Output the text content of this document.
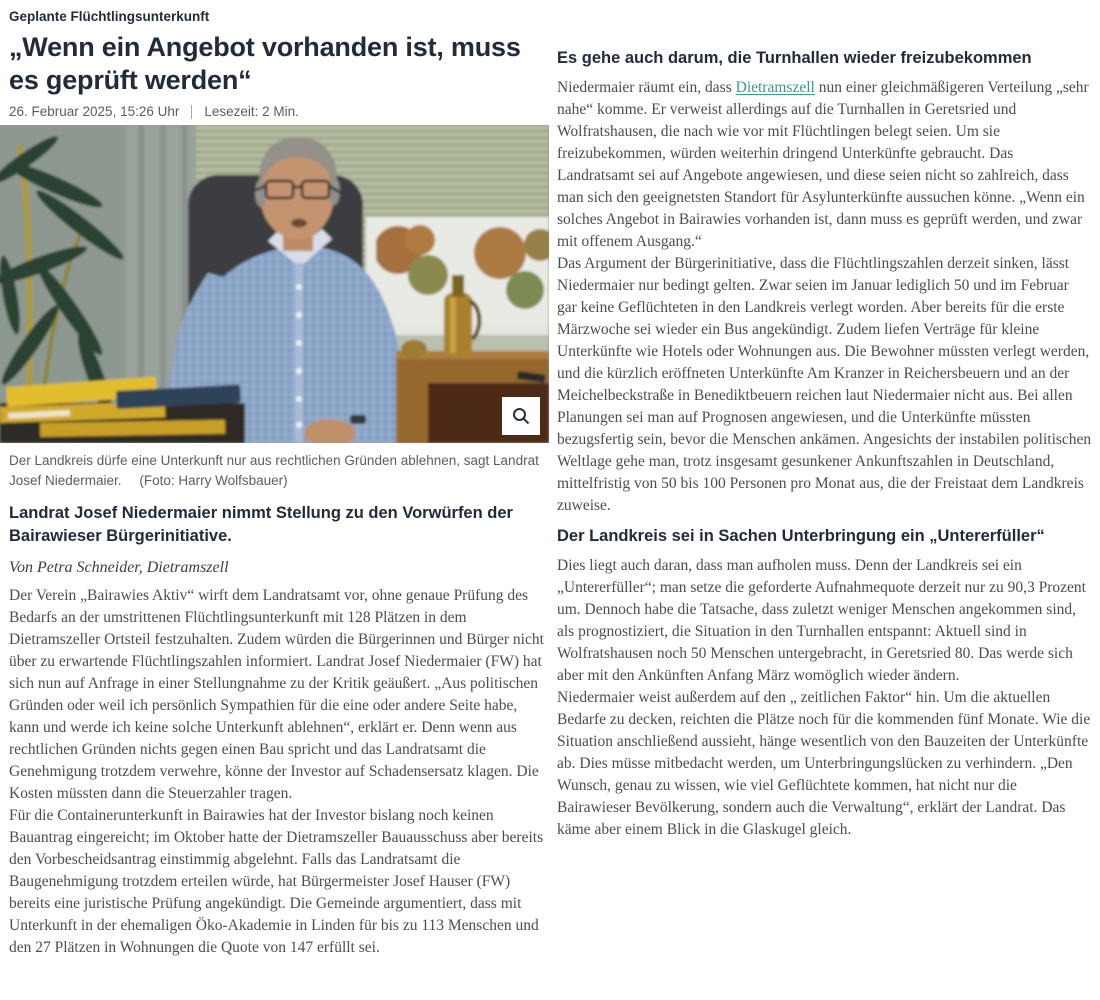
Geplante Flüchtlingsunterkunft

„Wenn ein Angebot vorhanden ist, muss es geprüft werden“
26. Februar 2025, 15:26 Uhr Lesezeit: 2 Min.

Der Landkreis dürfe eine Unterkunft nur aus rechtlichen Gründen ablehnen, sagt Landrat Josef Niedermaier. (Foto: Harry Wolfsbauer)

Landrat Josef Niedermaier nimmt Stellung zu den Vorwürfen der Bairawieser Bürgerinitiative.

Von Petra Schneider, Dietramszell

Der Verein „Bairawies Aktiv“ wirft dem Landratsamt vor, ohne genaue Prüfung des Bedarfs an der umstrittenen Flüchtlingsunterkunft mit 128 Plätzen in dem Dietramszeller Ortsteil festzuhalten. Zudem würden die Bürgerinnen und Bürger nicht über zu erwartende Flüchtlingszahlen informiert. Landrat Josef Niedermaier (FW) hat sich nun auf Anfrage in einer Stellungnahme zu der Kritik geäußert. „Aus politischen Gründen oder weil ich persönlich Sympathien für die eine oder andere Seite habe, kann und werde ich keine solche Unterkunft ablehnen“, erklärt er. Denn wenn aus rechtlichen Gründen nichts gegen einen Bau spricht und das Landratsamt die Genehmigung trotzdem verwehre, könne der Investor auf Schadensersatz klagen. Die Kosten müssten dann die Steuerzahler tragen.

Für die Containerunterkunft in Bairawies hat der Investor bislang noch keinen Bauantrag eingereicht; im Oktober hatte der Dietramszeller Bauausschuss aber bereits den Vorbescheidsantrag einstimmig abgelehnt. Falls das Landratsamt die Baugenehmigung trotzdem erteilen würde, hat Bürgermeister Josef Hauser (FW) bereits eine juristische Prüfung angekündigt. Die Gemeinde argumentiert, dass mit Unterkunft in der ehemaligen Öko-Akademie in Linden für bis zu 113 Menschen und den 27 Plätzen in Wohnungen die Quote von 147 erfüllt sei.

Es gehe auch darum, die Turnhallen wieder freizubekommen

Niedermaier räumt ein, dass Dietramszell nun einer gleichmäßigeren Verteilung „sehr nahe“ komme. Er verweist allerdings auf die Turnhallen in Geretsried und Wolfratshausen, die nach wie vor mit Flüchtlingen belegt seien. Um sie freizubekommen, würden weiterhin dringend Unterkünfte gebraucht. Das Landratsamt sei auf Angebote angewiesen, und diese seien nicht so zahlreich, dass man sich den geeignetsten Standort für Asylunterkünfte aussuchen könne. „Wenn ein solches Angebot in Bairawies vorhanden ist, dann muss es geprüft werden, und zwar mit offenem Ausgang.“

Das Argument der Bürgerinitiative, dass die Flüchtlingszahlen derzeit sinken, lässt Niedermaier nur bedingt gelten. Zwar seien im Januar lediglich 50 und im Februar gar keine Geflüchteten in den Landkreis verlegt worden. Aber bereits für die erste Märzwoche sei wieder ein Bus angekündigt. Zudem liefen Verträge für kleine Unterkünfte wie Hotels oder Wohnungen aus. Die Bewohner müssten verlegt werden, und die kürzlich eröffneten Unterkünfte Am Kranzer in Reichersbeuern und an der Meichelbeckstraße in Benediktbeuern reichen laut Niedermaier nicht aus. Bei allen Planungen sei man auf Prognosen angewiesen, und die Unterkünfte müssten bezugsfertig sein, bevor die Menschen ankämen. Angesichts der instabilen politischen Weltlage gehe man, trotz insgesamt gesunkener Ankunftszahlen in Deutschland, mittelfristig von 50 bis 100 Personen pro Monat aus, die der Freistaat dem Landkreis zuweise.

Der Landkreis sei in Sachen Unterbringung ein „Untererfüller“

Dies liegt auch daran, dass man aufholen muss. Denn der Landkreis sei ein „Untererfüller“; man setze die geforderte Aufnahmequote derzeit nur zu 90,3 Prozent um. Dennoch habe die Tatsache, dass zuletzt weniger Menschen angekommen sind, als prognostiziert, die Situation in den Turnhallen entspannt: Aktuell sind in Wolfratshausen noch 50 Menschen untergebracht, in Geretsried 80. Das werde sich aber mit den Ankünften Anfang März womöglich wieder ändern.

Niedermaier weist außerdem auf den „ zeitlichen Faktor“ hin. Um die aktuellen Bedarfe zu decken, reichten die Plätze noch für die kommenden fünf Monate. Wie die Situation anschließend aussieht, hänge wesentlich von den Bauzeiten der Unterkünfte ab. Dies müsse mitbedacht werden, um Unterbringungslücken zu verhindern. „Den Wunsch, genau zu wissen, wie viel Geflüchtete kommen, hat nicht nur die Bairawieser Bevölkerung, sondern auch die Verwaltung“, erklärt der Landrat. Das käme aber einem Blick in die Glaskugel gleich.
